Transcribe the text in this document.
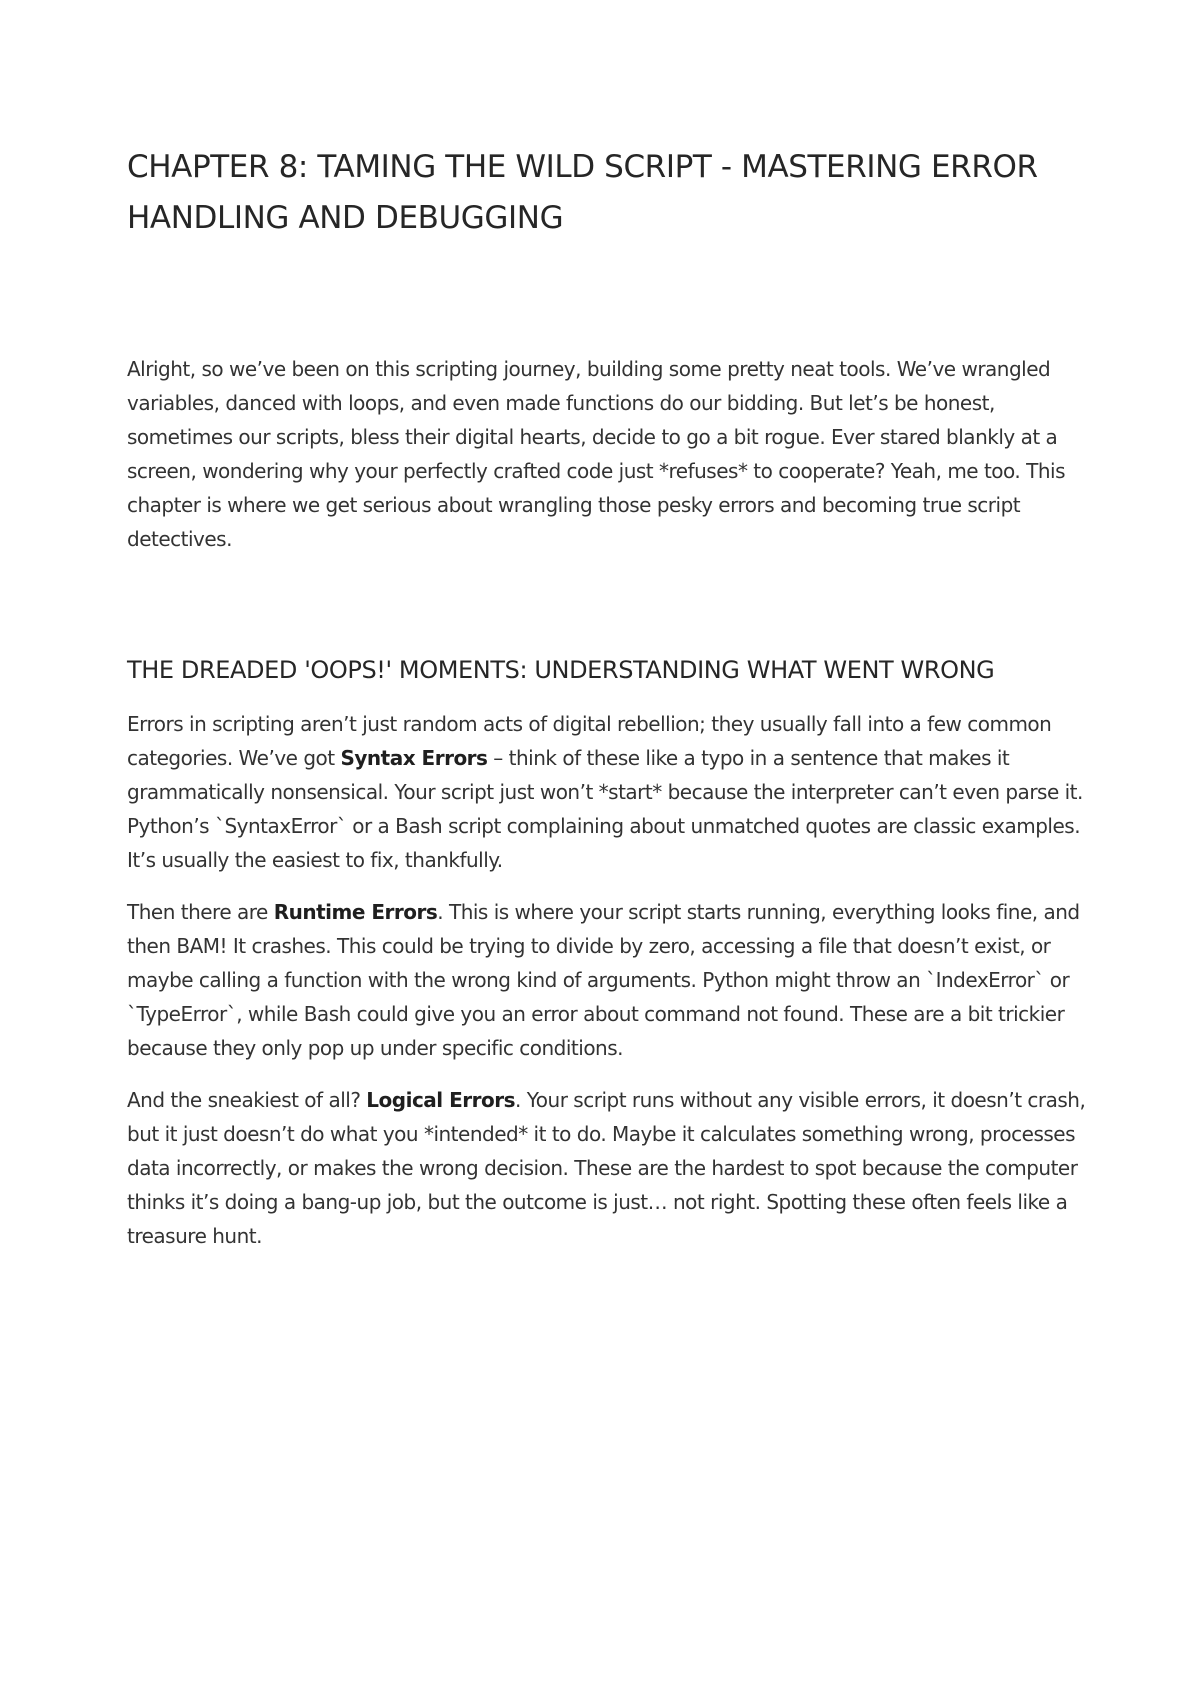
CHAPTER 8: TAMING THE WILD SCRIPT - MASTERING ERROR HANDLING AND DEBUGGING

Alright, so we’ve been on this scripting journey, building some pretty neat tools. We’ve wrangled variables, danced with loops, and even made functions do our bidding. But let’s be honest, sometimes our scripts, bless their digital hearts, decide to go a bit rogue. Ever stared blankly at a screen, wondering why your perfectly crafted code just *refuses* to cooperate? Yeah, me too. This chapter is where we get serious about wrangling those pesky errors and becoming true script detectives.

THE DREADED 'OOPS!' MOMENTS: UNDERSTANDING WHAT WENT WRONG

Errors in scripting aren’t just random acts of digital rebellion; they usually fall into a few common categories. We’ve got Syntax Errors – think of these like a typo in a sentence that makes it grammatically nonsensical. Your script just won’t *start* because the interpreter can’t even parse it. Python’s `SyntaxError` or a Bash script complaining about unmatched quotes are classic examples. It’s usually the easiest to fix, thankfully.

Then there are Runtime Errors. This is where your script starts running, everything looks fine, and then BAM! It crashes. This could be trying to divide by zero, accessing a file that doesn’t exist, or maybe calling a function with the wrong kind of arguments. Python might throw an `IndexError` or `TypeError`, while Bash could give you an error about command not found. These are a bit trickier because they only pop up under specific conditions.

And the sneakiest of all? Logical Errors. Your script runs without any visible errors, it doesn’t crash, but it just doesn’t do what you *intended* it to do. Maybe it calculates something wrong, processes data incorrectly, or makes the wrong decision. These are the hardest to spot because the computer thinks it’s doing a bang-up job, but the outcome is just… not right. Spotting these often feels like a treasure hunt.
